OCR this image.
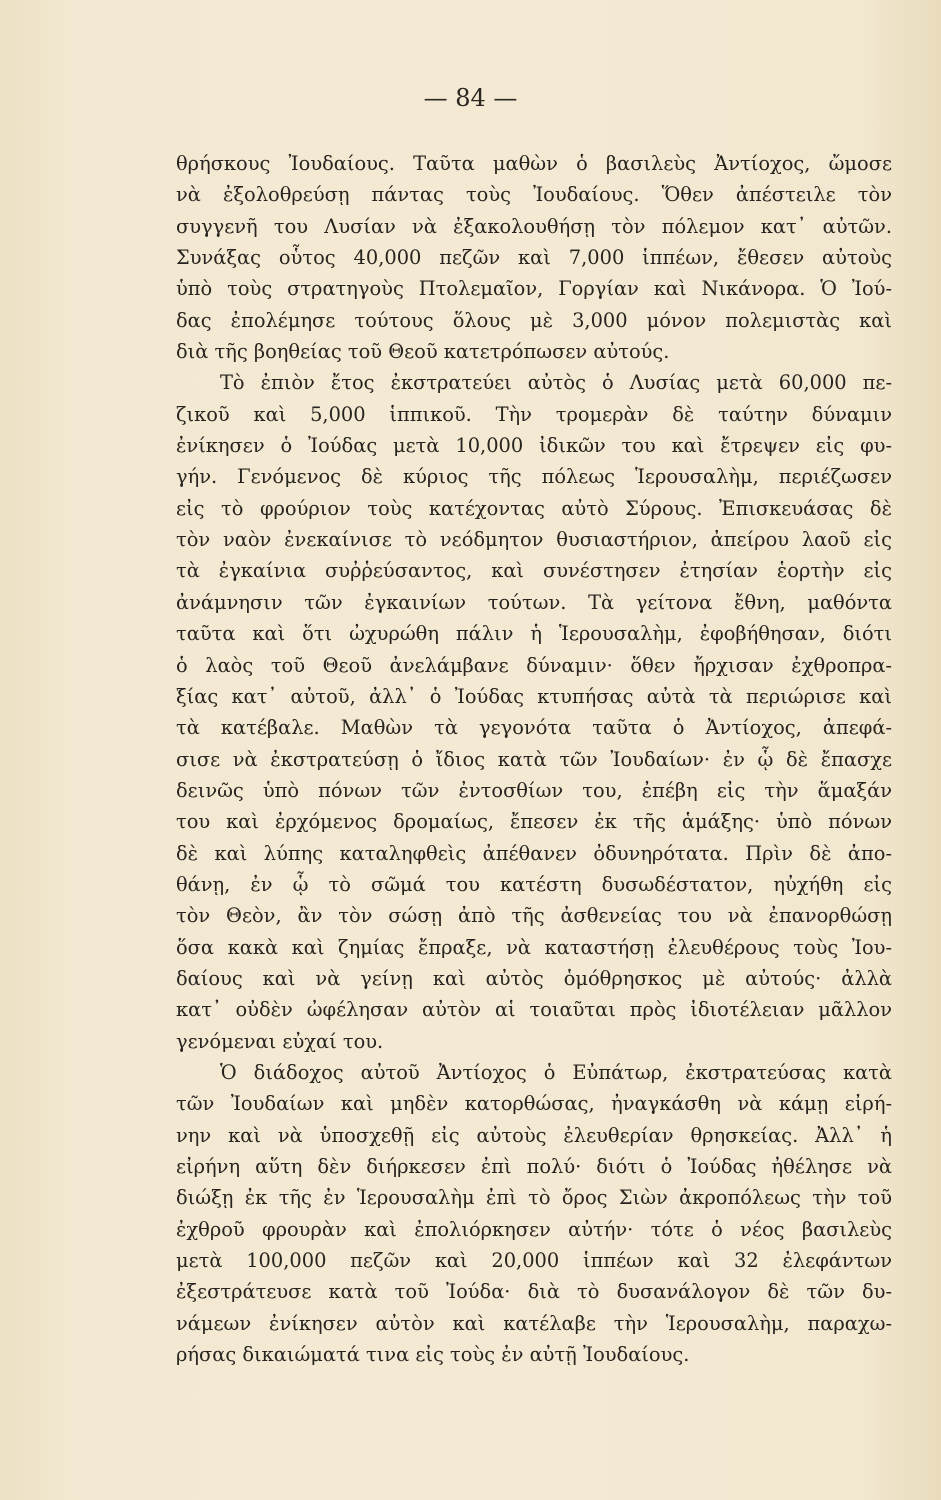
— 84 —
θρήσκους Ἰουδαίους. Ταῦτα μαθὼν ὁ βασιλεὺς Ἀντίοχος, ὤμοσε
νὰ ἐξολοθρεύσῃ πάντας τοὺς Ἰουδαίους. Ὅθεν ἀπέστειλε τὸν
συγγενῆ του Λυσίαν νὰ ἐξακολουθήσῃ τὸν πόλεμον κατ᾽ αὐτῶν.
Συνάξας οὗτος 40,000 πεζῶν καὶ 7,000 ἱππέων, ἔθεσεν αὐτοὺς
ὑπὸ τοὺς στρατηγοὺς Πτολεμαῖον, Γοργίαν καὶ Νικάνορα. Ὁ Ἰού-
δας ἐπολέμησε τούτους ὅλους μὲ 3,000 μόνον πολεμιστὰς καὶ
διὰ τῆς βοηθείας τοῦ Θεοῦ κατετρόπωσεν αὐτούς.
Τὸ ἐπιὸν ἔτος ἐκστρατεύει αὐτὸς ὁ Λυσίας μετὰ 60,000 πε-
ζικοῦ καὶ 5,000 ἱππικοῦ. Τὴν τρομερὰν δὲ ταύτην δύναμιν
ἐνίκησεν ὁ Ἰούδας μετὰ 10,000 ἰδικῶν του καὶ ἔτρεψεν εἰς φυ-
γήν. Γενόμενος δὲ κύριος τῆς πόλεως Ἱερουσαλὴμ, περιέζωσεν
εἰς τὸ φρούριον τοὺς κατέχοντας αὐτὸ Σύρους. Ἐπισκευάσας δὲ
τὸν ναὸν ἐνεκαίνισε τὸ νεόδμητον θυσιαστήριον, ἀπείρου λαοῦ εἰς
τὰ ἐγκαίνια συῤῥεύσαντος, καὶ συνέστησεν ἐτησίαν ἑορτὴν εἰς
ἀνάμνησιν τῶν ἐγκαινίων τούτων. Τὰ γείτονα ἔθνη, μαθόντα
ταῦτα καὶ ὅτι ὠχυρώθη πάλιν ἡ Ἱερουσαλὴμ, ἐφοβήθησαν, διότι
ὁ λαὸς τοῦ Θεοῦ ἀνελάμβανε δύναμιν· ὅθεν ἤρχισαν ἐχθροπρα-
ξίας κατ᾽ αὐτοῦ, ἀλλ᾽ ὁ Ἰούδας κτυπήσας αὐτὰ τὰ περιώρισε καὶ
τὰ κατέβαλε. Μαθὼν τὰ γεγονότα ταῦτα ὁ Ἀντίοχος, ἀπεφά-
σισε νὰ ἐκστρατεύσῃ ὁ ἴδιος κατὰ τῶν Ἰουδαίων· ἐν ᾧ δὲ ἔπασχε
δεινῶς ὑπὸ πόνων τῶν ἐντοσθίων του, ἐπέβη εἰς τὴν ἅμαξάν
του καὶ ἐρχόμενος δρομαίως, ἔπεσεν ἐκ τῆς ἁμάξης· ὑπὸ πόνων
δὲ καὶ λύπης καταληφθεὶς ἀπέθανεν ὀδυνηρότατα. Πρὶν δὲ ἀπο-
θάνῃ, ἐν ᾧ τὸ σῶμά του κατέστη δυσωδέστατον, ηὐχήθη εἰς
τὸν Θεὸν, ἂν τὸν σώσῃ ἀπὸ τῆς ἀσθενείας του νὰ ἐπανορθώσῃ
ὅσα κακὰ καὶ ζημίας ἔπραξε, νὰ καταστήσῃ ἐλευθέρους τοὺς Ἰου-
δαίους καὶ νὰ γείνῃ καὶ αὐτὸς ὁμόθρησκος μὲ αὐτούς· ἀλλὰ
κατ᾽ οὐδὲν ὠφέλησαν αὐτὸν αἱ τοιαῦται πρὸς ἰδιοτέλειαν μᾶλλον
γενόμεναι εὐχαί του.
Ὁ διάδοχος αὐτοῦ Ἀντίοχος ὁ Εὐπάτωρ, ἐκστρατεύσας κατὰ
τῶν Ἰουδαίων καὶ μηδὲν κατορθώσας, ἠναγκάσθη νὰ κάμῃ εἰρή-
νην καὶ νὰ ὑποσχεθῇ εἰς αὐτοὺς ἐλευθερίαν θρησκείας. Ἀλλ᾽ ἡ
εἰρήνη αὕτη δὲν διήρκεσεν ἐπὶ πολύ· διότι ὁ Ἰούδας ἠθέλησε νὰ
διώξῃ ἐκ τῆς ἐν Ἱερουσαλὴμ ἐπὶ τὸ ὄρος Σιὼν ἀκροπόλεως τὴν τοῦ
ἐχθροῦ φρουρὰν καὶ ἐπολιόρκησεν αὐτήν· τότε ὁ νέος βασιλεὺς
μετὰ 100,000 πεζῶν καὶ 20,000 ἱππέων καὶ 32 ἐλεφάντων
ἐξεστράτευσε κατὰ τοῦ Ἰούδα· διὰ τὸ δυσανάλογον δὲ τῶν δυ-
νάμεων ἐνίκησεν αὐτὸν καὶ κατέλαβε τὴν Ἱερουσαλὴμ, παραχω-
ρήσας δικαιώματά τινα εἰς τοὺς ἐν αὐτῇ Ἰουδαίους.
